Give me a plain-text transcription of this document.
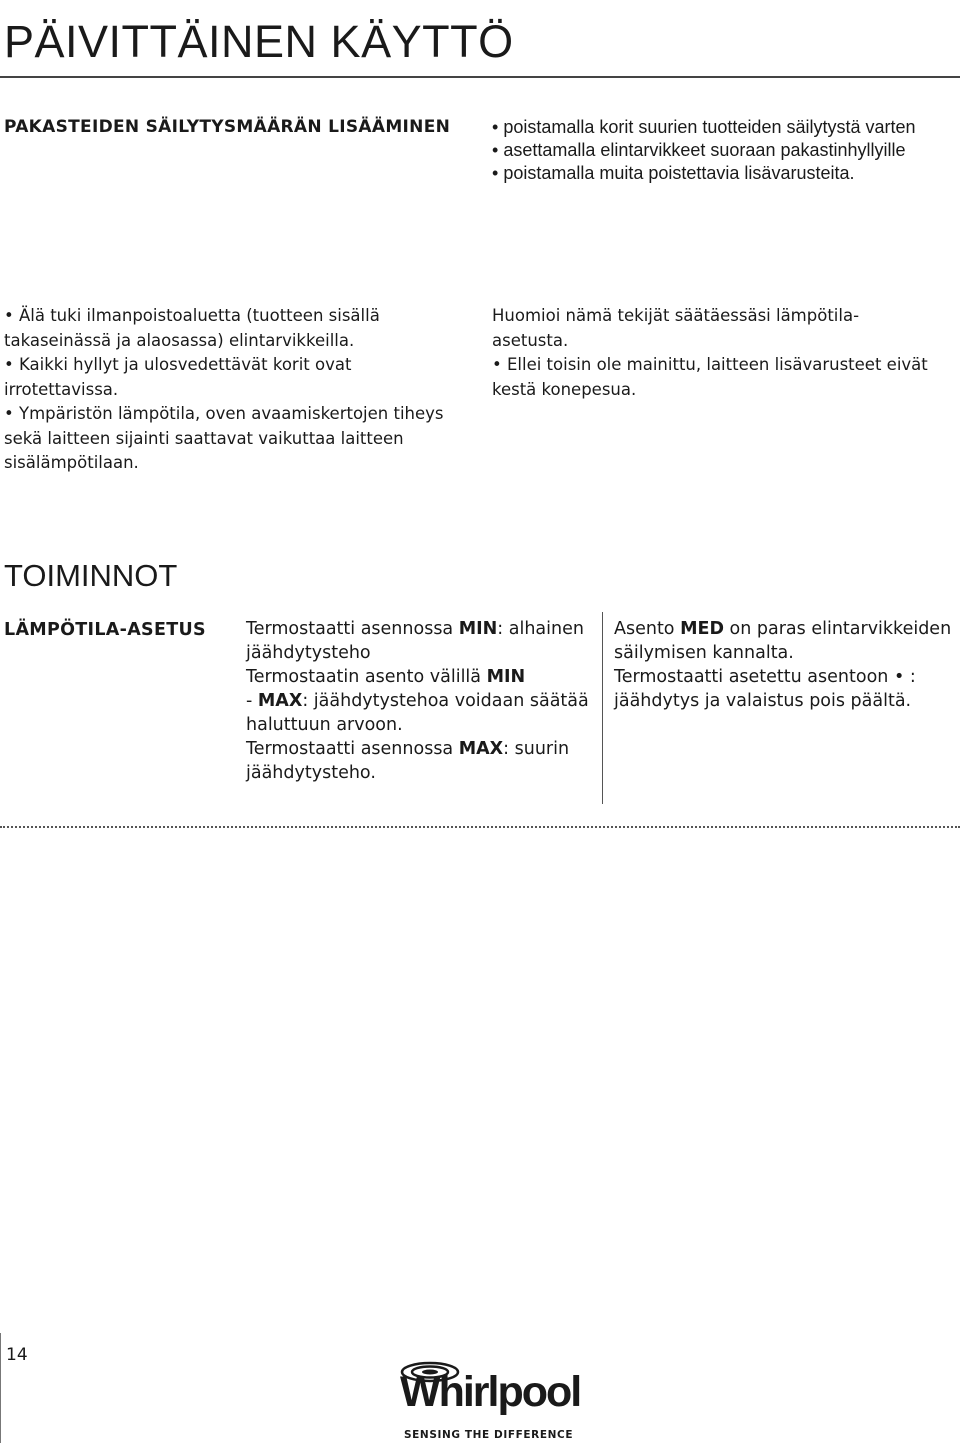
PÄIVITTÄINEN KÄYTTÖ
PAKASTEIDEN SÄILYTYSMÄÄRÄN LISÄÄMINEN
•	poistamalla korit suurien tuotteiden säilytystä varten
• asettamalla elintarvikkeet suoraan pakastinhyllyille
• poistamalla muita poistettavia lisävarusteita.

• Älä tuki ilmanpoistoaluetta (tuotteen sisällä

takaseinässä ja alaosassa) elintarvikkeilla.

• Kaikki hyllyt ja ulosvedettävät korit ovat

irrotettavissa.

• Ympäristön lämpötila, oven avaamiskertojen tiheys

sekä laitteen sijainti saattavat vaikuttaa laitteen

sisälämpötilaan.

Huomioi nämä tekijät säätäessäsi lämpötila-

asetusta.

• Ellei toisin ole mainittu, laitteen lisävarusteet eivät

kestä konepesua.

TOIMINNOT
LÄMPÖTILA-ASETUS Termostaatti asennossa MIN: alhainen

jäähdytysteho

Termostaatin asento välillä MIN

- MAX: jäähdytystehoa voidaan säätää

haluttuun arvoon.

Termostaatti asennossa MAX: suurin

jäähdytysteho.

Asento MED on paras elintarvikkeiden

säilymisen kannalta.

Termostaatti asetettu asentoon • :

jäähdytys ja valaistus pois päältä.

14
Whirlpool
SENSING THE DIFFERENCE
